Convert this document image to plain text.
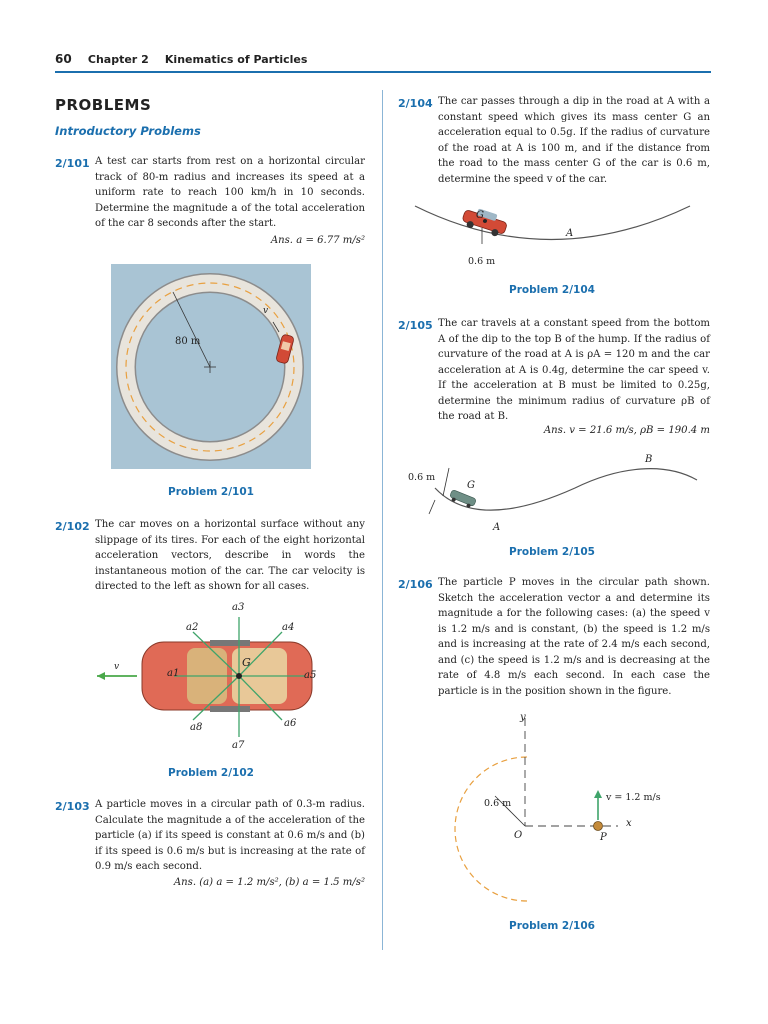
60 Chapter 2 Kinematics of Particles
PROBLEMS
Introductory Problems
2/101 A test car starts from rest on a horizontal circular track of 80-m radius and increases its speed at a uniform rate to reach 100 km/h in 10 seconds. Determine the magnitude a of the total acceleration of the car 8 seconds after the start.
Ans. a = 6.77 m/s²
80 m
v
Problem 2/101
2/102 The car moves on a horizontal surface without any slippage of its tires. For each of the eight horizontal acceleration vectors, describe in words the instantaneous motion of the car. The car velocity is directed to the left as shown for all cases.
v	G
a1
a2
a3
a4
a5
a6
a7
a8
Problem 2/102
2/103 A particle moves in a circular path of 0.3-m radius. Calculate the magnitude a of the acceleration of the particle (a) if its speed is constant at 0.6 m/s and (b) if its speed is 0.6 m/s but is increasing at the rate of 0.9 m/s each second.
Ans. (a) a = 1.2 m/s², (b) a = 1.5 m/s²
2/104 The car passes through a dip in the road at A with a constant speed which gives its mass center G an acceleration equal to 0.5g. If the radius of curvature of the road at A is 100 m, and if the distance from the road to the mass center G of the car is 0.6 m, determine the speed v of the car.
G
A
0.6 m
Problem 2/104
2/105 The car travels at a constant speed from the bottom A of the dip to the top B of the hump. If the radius of curvature of the road at A is ρA = 120 m and the car acceleration at A is 0.4g, determine the car speed v. If the acceleration at B must be limited to 0.25g, determine the minimum radius of curvature ρB of the road at B.
Ans. v = 21.6 m/s, ρB = 190.4 m
0.6 m
G
A
B
Problem 2/105
2/106 The particle P moves in the circular path shown. Sketch the acceleration vector a and determine its magnitude a for the following cases: (a) the speed v is 1.2 m/s and is constant, (b) the speed is 1.2 m/s and is increasing at the rate of 2.4 m/s each second, and (c) the speed is 1.2 m/s and is decreasing at the rate of 4.8 m/s each second. In each case the particle is in the position shown in the figure.
y
x
O	P
0.6 m
v = 1.2 m/s
Problem 2/106
